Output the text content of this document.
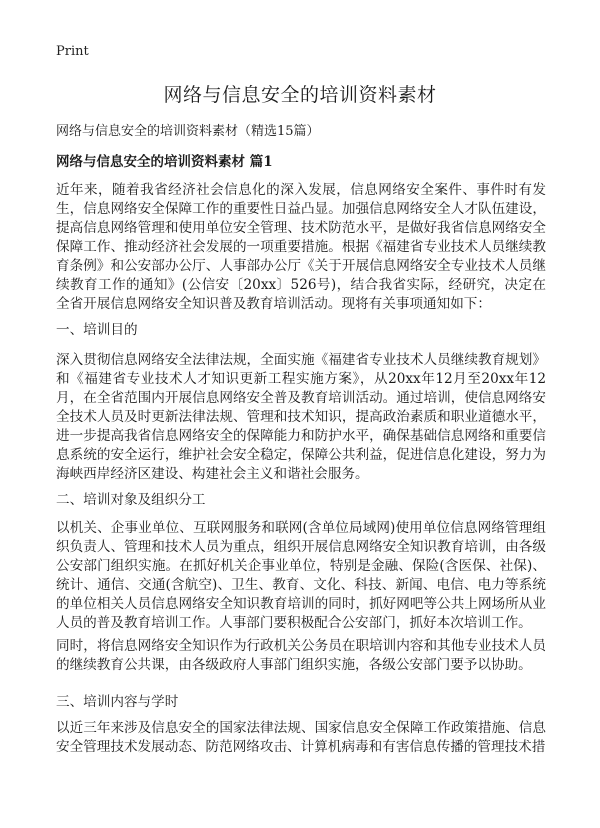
Print
网络与信息安全的培训资料素材
网络与信息安全的培训资料素材（精选15篇）
网络与信息安全的培训资料素材 篇1
近年来，随着我省经济社会信息化的深入发展，信息网络安全案件、事件时有发生，信息网络安全保障工作的重要性日益凸显。加强信息网络安全人才队伍建设，提高信息网络管理和使用单位安全管理、技术防范水平，是做好我省信息网络安全保障工作、推动经济社会发展的一项重要措施。根据《福建省专业技术人员继续教育条例》和公安部办公厅、人事部办公厅《关于开展信息网络安全专业技术人员继续教育工作的通知》(公信安〔20xx〕526号)，结合我省实际，经研究，决定在全省开展信息网络安全知识普及教育培训活动。现将有关事项通知如下：
一、培训目的
深入贯彻信息网络安全法律法规，全面实施《福建省专业技术人员继续教育规划》和《福建省专业技术人才知识更新工程实施方案》，从20xx年12月至20xx年12月，在全省范围内开展信息网络安全普及教育培训活动。通过培训，使信息网络安全技术人员及时更新法律法规、管理和技术知识，提高政治素质和职业道德水平，进一步提高我省信息网络安全的保障能力和防护水平，确保基础信息网络和重要信息系统的安全运行，维护社会安全稳定，保障公共利益，促进信息化建设，努力为海峡西岸经济区建设、构建社会主义和谐社会服务。
二、培训对象及组织分工
以机关、企事业单位、互联网服务和联网(含单位局域网)使用单位信息网络管理组织负责人、管理和技术人员为重点，组织开展信息网络安全知识教育培训，由各级公安部门组织实施。在抓好机关企事业单位，特别是金融、保险(含医保、社保)、统计、通信、交通(含航空)、卫生、教育、文化、科技、新闻、电信、电力等系统的单位相关人员信息网络安全知识教育培训的同时，抓好网吧等公共上网场所从业人员的普及教育培训工作。人事部门要积极配合公安部门，抓好本次培训工作。
同时，将信息网络安全知识作为行政机关公务员在职培训内容和其他专业技术人员的继续教育公共课，由各级政府人事部门组织实施，各级公安部门要予以协助。
三、培训内容与学时
以近三年来涉及信息安全的国家法律法规、国家信息安全保障工作政策措施、信息安全管理技术发展动态、防范网络攻击、计算机病毒和有害信息传播的管理技术措
